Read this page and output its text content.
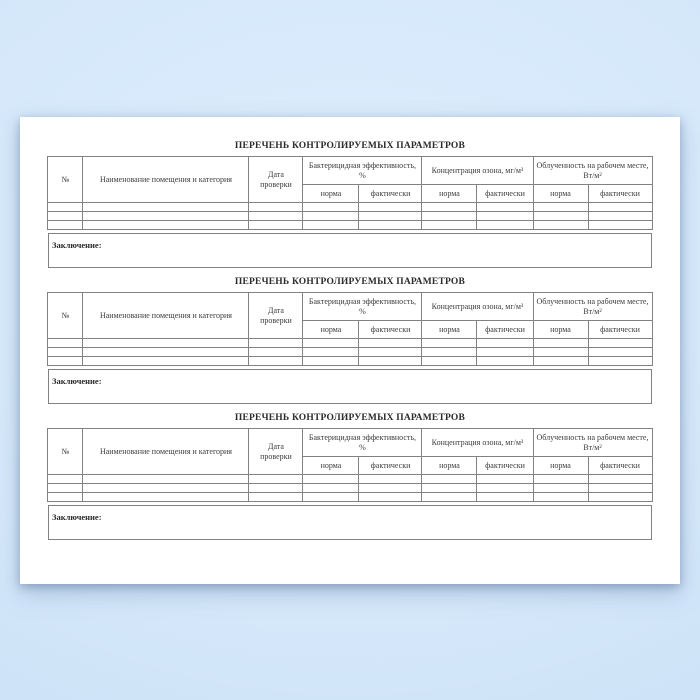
ПЕРЕЧЕНЬ КОНТРОЛИРУЕМЫХ ПАРАМЕТРОВ
№	Наименование помещения и категория	Дата проверки	Бактерицидная эффективность, %		Концентрация озона, мг/м³		Облученность на рабочем месте, Вт/м²	
			норма	фактически	норма	фактически	норма	фактически

Заключение:
ПЕРЕЧЕНЬ КОНТРОЛИРУЕМЫХ ПАРАМЕТРОВ
№	Наименование помещения и категория	Дата проверки	Бактерицидная эффективность, %		Концентрация озона, мг/м³		Облученность на рабочем месте, Вт/м²	
			норма	фактически	норма	фактически	норма	фактически

Заключение:
ПЕРЕЧЕНЬ КОНТРОЛИРУЕМЫХ ПАРАМЕТРОВ
№	Наименование помещения и категория	Дата проверки	Бактерицидная эффективность, %		Концентрация озона, мг/м³		Облученность на рабочем месте, Вт/м²	
			норма	фактически	норма	фактически	норма	фактически

Заключение:
